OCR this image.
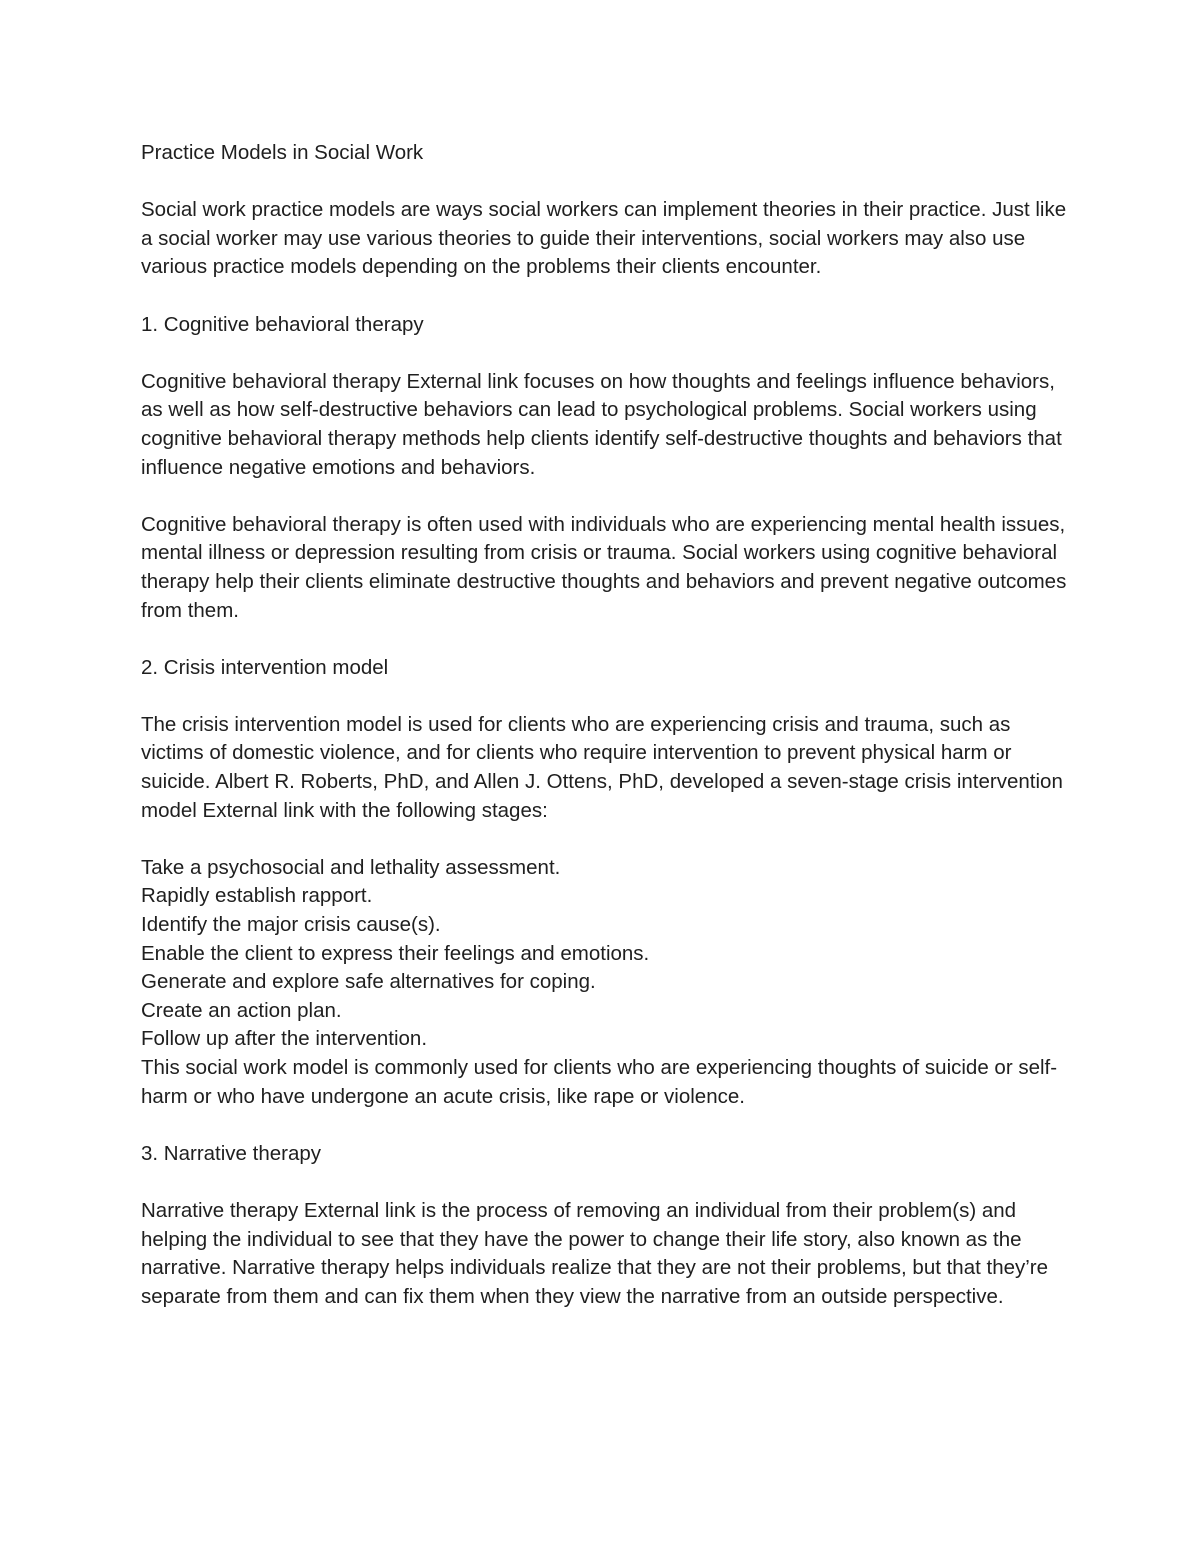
Practice Models in Social Work

Social work practice models are ways social workers can implement theories in their practice. Just like a social worker may use various theories to guide their interventions, social workers may also use various practice models depending on the problems their clients encounter.

1. Cognitive behavioral therapy

Cognitive behavioral therapy External link focuses on how thoughts and feelings influence behaviors, as well as how self-destructive behaviors can lead to psychological problems. Social workers using cognitive behavioral therapy methods help clients identify self-destructive thoughts and behaviors that influence negative emotions and behaviors.

Cognitive behavioral therapy is often used with individuals who are experiencing mental health issues, mental illness or depression resulting from crisis or trauma. Social workers using cognitive behavioral therapy help their clients eliminate destructive thoughts and behaviors and prevent negative outcomes from them.

2. Crisis intervention model

The crisis intervention model is used for clients who are experiencing crisis and trauma, such as victims of domestic violence, and for clients who require intervention to prevent physical harm or suicide. Albert R. Roberts, PhD, and Allen J. Ottens, PhD, developed a seven-stage crisis intervention model External link with the following stages:

Take a psychosocial and lethality assessment.
Rapidly establish rapport.
Identify the major crisis cause(s).
Enable the client to express their feelings and emotions.
Generate and explore safe alternatives for coping.
Create an action plan.
Follow up after the intervention.

This social work model is commonly used for clients who are experiencing thoughts of suicide or self-harm or who have undergone an acute crisis, like rape or violence.

3. Narrative therapy

Narrative therapy External link is the process of removing an individual from their problem(s) and helping the individual to see that they have the power to change their life story, also known as the narrative. Narrative therapy helps individuals realize that they are not their problems, but that they’re separate from them and can fix them when they view the narrative from an outside perspective.
